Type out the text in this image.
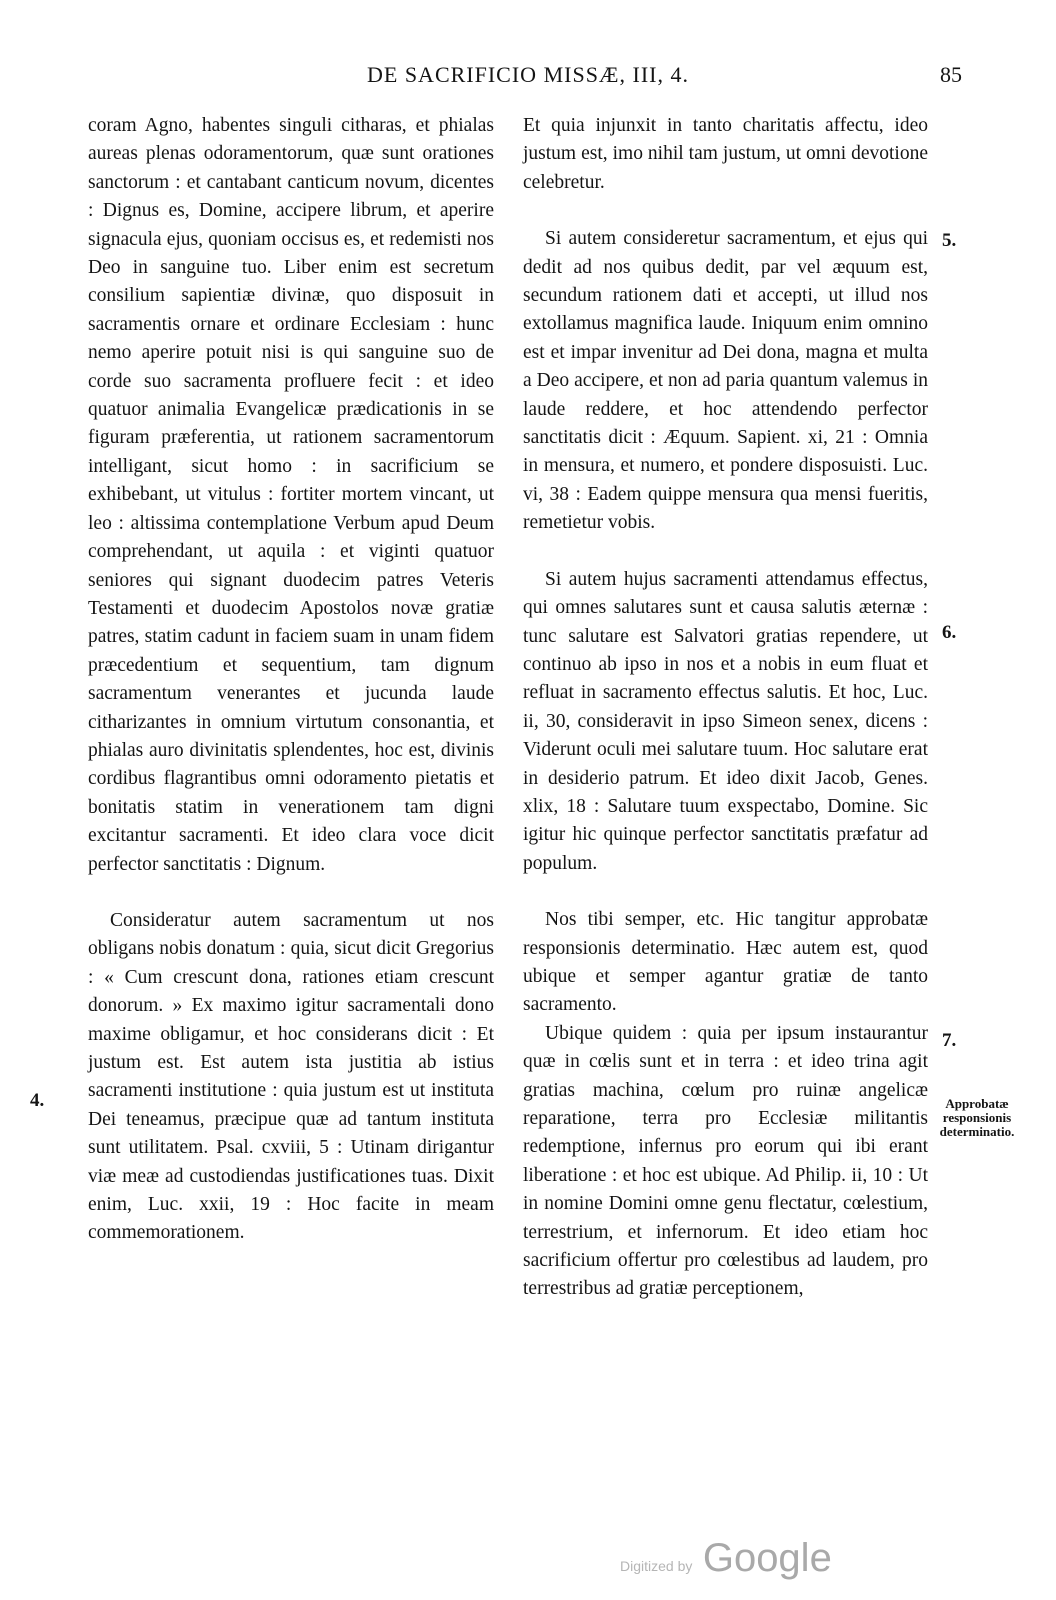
DE SACRIFICIO MISSÆ, III, 4.	85

coram Agno, habentes singuli citharas, et phialas aureas plenas odoramentorum, quæ sunt orationes sanctorum : et cantabant canticum novum, dicentes : Dignus es, Domine, accipere librum, et aperire signacula ejus, quoniam occisus es, et redemisti nos Deo in sanguine tuo. Liber enim est secretum consilium sapientiæ divinæ, quo disposuit in sacramentis ornare et ordinare Ecclesiam : hunc nemo aperire potuit nisi is qui sanguine suo de corde suo sacramenta profluere fecit : et ideo quatuor animalia Evangelicæ prædicationis in se figuram præferentia, ut rationem sacramentorum intelligant, sicut homo : in sacrificium se exhibebant, ut vitulus : fortiter mortem vincant, ut leo : altissima contemplatione Verbum apud Deum comprehendant, ut aquila : et viginti quatuor seniores qui signant duodecim patres Veteris Testamenti et duodecim Apostolos novæ gratiæ patres, statim cadunt in faciem suam in unam fidem præcedentium et sequentium, tam dignum sacramentum venerantes et jucunda laude citharizantes in omnium virtutum consonantia, et phialas auro divinitatis splendentes, hoc est, divinis cordibus flagrantibus omni odoramento pietatis et bonitatis statim in venerationem tam digni excitantur sacramenti. Et ideo clara voce dicit perfector sanctitatis : Dignum.

Consideratur autem sacramentum ut nos obligans nobis donatum : quia, sicut dicit Gregorius : « Cum crescunt dona, rationes etiam crescunt donorum. » Ex maximo igitur sacramentali dono maxime obligamur, et hoc considerans dicit : Et justum est. Est autem ista justitia ab istius sacramenti institutione : quia justum est ut instituta Dei teneamus, præcipue quæ ad tantum instituta sunt utilitatem. Psal. cxviii, 5 : Utinam dirigantur viæ meæ ad custodiendas justificationes tuas. Dixit enim, Luc. xxii, 19 : Hoc facite in meam commemorationem.

Et quia injunxit in tanto charitatis affectu, ideo justum est, imo nihil tam justum, ut omni devotione celebretur.

Si autem consideretur sacramentum, et ejus qui dedit ad nos quibus dedit, par vel æquum est, secundum rationem dati et accepti, ut illud nos extollamus magnifica laude. Iniquum enim omnino est et impar invenitur ad Dei dona, magna et multa a Deo accipere, et non ad paria quantum valemus in laude reddere, et hoc attendendo perfector sanctitatis dicit : Æquum. Sapient. xi, 21 : Omnia in mensura, et numero, et pondere disposuisti. Luc. vi, 38 : Eadem quippe mensura qua mensi fueritis, remetietur vobis.

Si autem hujus sacramenti attendamus effectus, qui omnes salutares sunt et causa salutis æternæ : tunc salutare est Salvatori gratias rependere, ut continuo ab ipso in nos et a nobis in eum fluat et refluat in sacramento effectus salutis. Et hoc, Luc. ii, 30, consideravit in ipso Simeon senex, dicens : Viderunt oculi mei salutare tuum. Hoc salutare erat in desiderio patrum. Et ideo dixit Jacob, Genes. xlix, 18 : Salutare tuum exspectabo, Domine. Sic igitur hic quinque perfector sanctitatis præfatur ad populum.

Nos tibi semper, etc. Hic tangitur approbatæ responsionis determinatio. Hæc autem est, quod ubique et semper agantur gratiæ de tanto sacramento.

Ubique quidem : quia per ipsum instaurantur quæ in cœlis sunt et in terra : et ideo trina agit gratias machina, cœlum pro ruinæ angelicæ reparatione, terra pro Ecclesiæ militantis redemptione, infernus pro eorum qui ibi erant liberatione : et hoc est ubique. Ad Philip. ii, 10 : Ut in nomine Domini omne genu flectatur, cœlestium, terrestrium, et infernorum. Et ideo etiam hoc sacrificium offertur pro cœlestibus ad laudem, pro terrestribus ad gratiæ perceptionem,

4.
5.
6.
7.
Approbatæ responsionis determinatio.
Digitized by Google
